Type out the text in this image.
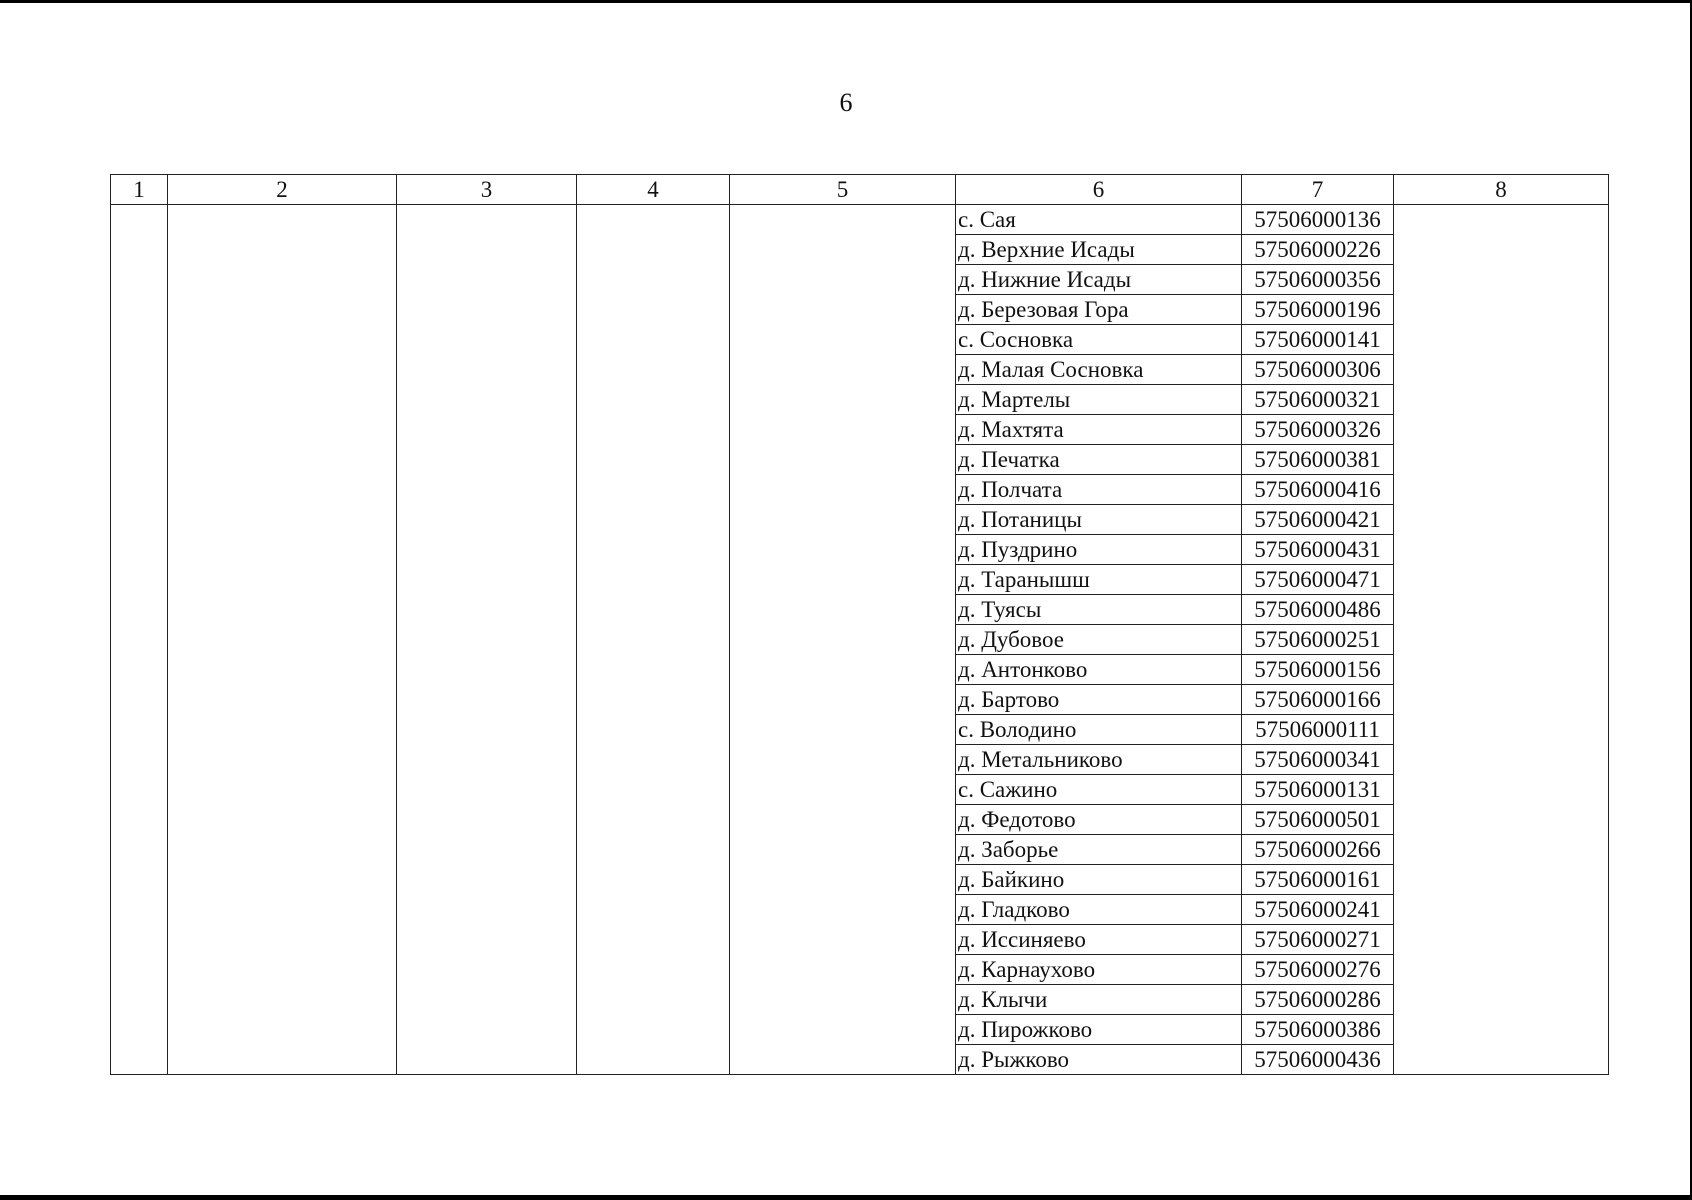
6
1	2	3	4	5	6	7	8
					с. Сая	57506000136	
					д. Верхние Исады	57506000226	
					д. Нижние Исады	57506000356	
					д. Березовая Гора	57506000196	
					с. Сосновка	57506000141	
					д. Малая Сосновка	57506000306	
					д. Мартелы	57506000321	
					д. Махтята	57506000326	
					д. Печатка	57506000381	
					д. Полчата	57506000416	
					д. Потаницы	57506000421	
					д. Пуздрино	57506000431	
					д. Таранышш	57506000471	
					д. Туясы	57506000486	
					д. Дубовое	57506000251	
					д. Антонково	57506000156	
					д. Бартово	57506000166	
					с. Володино	57506000111	
					д. Метальниково	57506000341	
					с. Сажино	57506000131	
					д. Федотово	57506000501	
					д. Заборье	57506000266	
					д. Байкино	57506000161	
					д. Гладково	57506000241	
					д. Иссиняево	57506000271	
					д. Карнаухово	57506000276	
					д. Клычи	57506000286	
					д. Пирожково	57506000386	
					д. Рыжково	57506000436	
